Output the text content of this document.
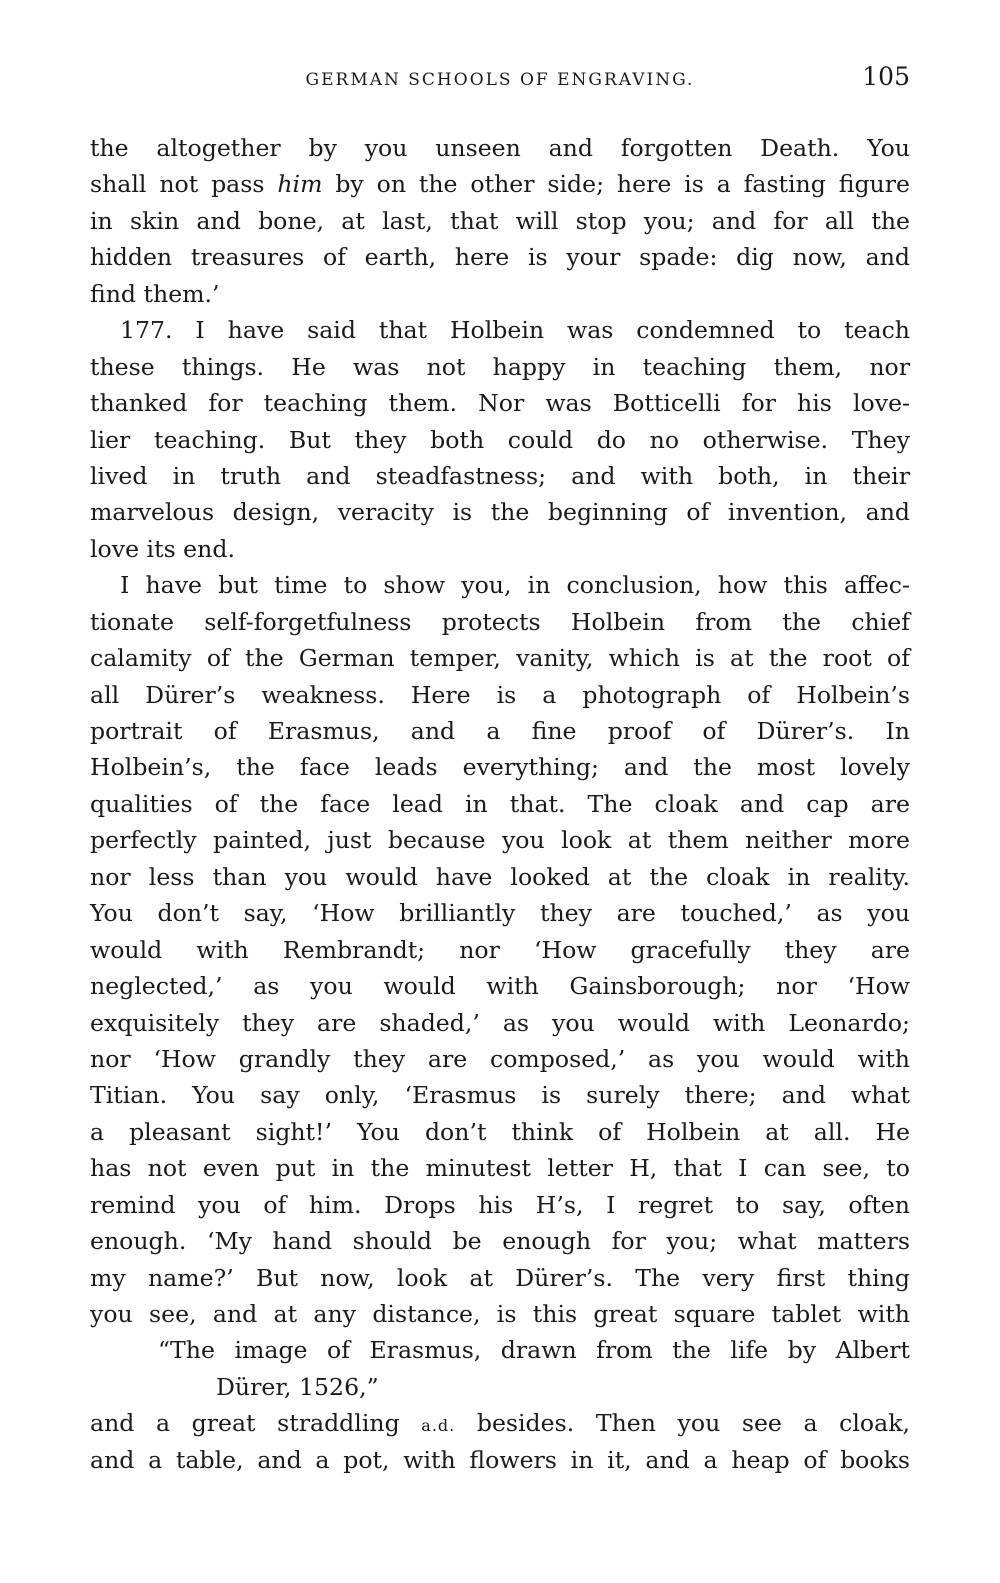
GERMAN SCHOOLS OF ENGRAVING.	105
the altogether by you unseen and forgotten Death. You
shall not pass him by on the other side; here is a fasting figure
in skin and bone, at last, that will stop you; and for all the
hidden treasures of earth, here is your spade: dig now, and
find them.’
177. I have said that Holbein was condemned to teach
these things. He was not happy in teaching them, nor
thanked for teaching them. Nor was Botticelli for his love-
lier teaching. But they both could do no otherwise. They
lived in truth and steadfastness; and with both, in their
marvelous design, veracity is the beginning of invention, and
love its end.
I have but time to show you, in conclusion, how this affec-
tionate self-forgetfulness protects Holbein from the chief
calamity of the German temper, vanity, which is at the root of
all Dürer’s weakness. Here is a photograph of Holbein’s
portrait of Erasmus, and a fine proof of Dürer’s. In
Holbein’s, the face leads everything; and the most lovely
qualities of the face lead in that. The cloak and cap are
perfectly painted, just because you look at them neither more
nor less than you would have looked at the cloak in reality.
You don’t say, ‘How brilliantly they are touched,’ as you
would with Rembrandt; nor ‘How gracefully they are
neglected,’ as you would with Gainsborough; nor ‘How
exquisitely they are shaded,’ as you would with Leonardo;
nor ‘How grandly they are composed,’ as you would with
Titian. You say only, ‘Erasmus is surely there; and what
a pleasant sight!’ You don’t think of Holbein at all. He
has not even put in the minutest letter H, that I can see, to
remind you of him. Drops his H’s, I regret to say, often
enough. ‘My hand should be enough for you; what matters
my name?’ But now, look at Dürer’s. The very first thing
you see, and at any distance, is this great square tablet with
“The image of Erasmus, drawn from the life by Albert
Dürer, 1526,”
and a great straddling a.d. besides. Then you see a cloak,
and a table, and a pot, with flowers in it, and a heap of books
